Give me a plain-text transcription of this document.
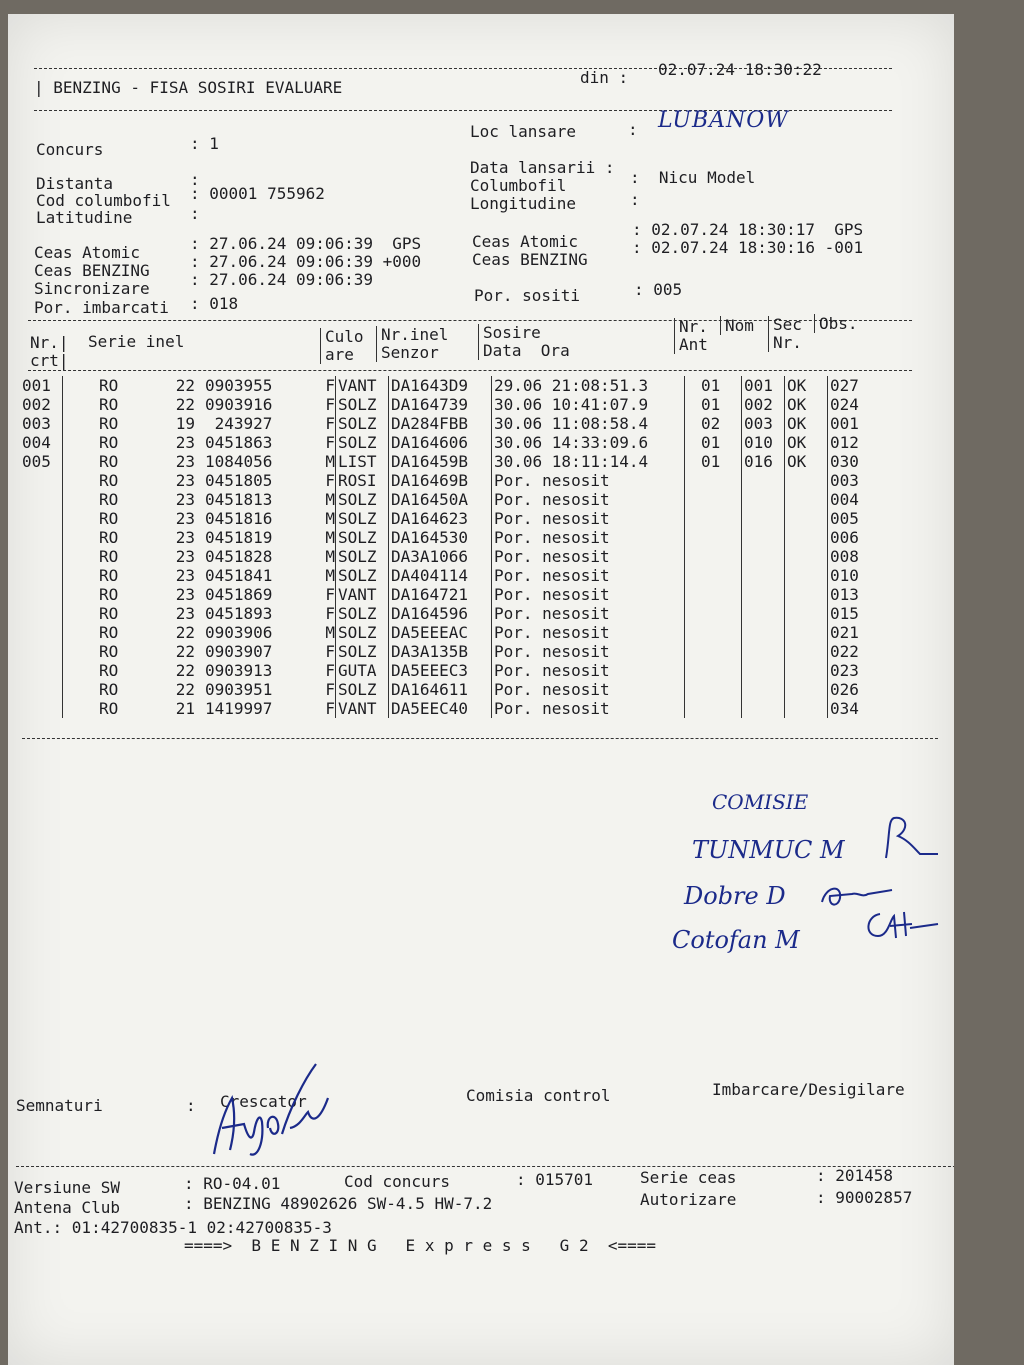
| BENZING - FISA SOSIRI EVALUARE
din : 02.07.24 18:30:22
Concurs	: 1
Distanta	:
Cod columbofil : 00001 755962
Latitudine	:
Ceas Atomic	: 27.06.24 09:06:39  GPS
Ceas BENZING	: 27.06.24 09:06:39 +000
Sincronizare	: 27.06.24 09:06:39
Por. imbarcati : 018
Loc lansare	: LUBANOW
Data lansarii :
Columbofil	:  Nicu Model
Longitudine	:
Ceas Atomic
: 02.07.24 18:30:17  GPS
Ceas BENZING
: 02.07.24 18:30:16 -001
Por. sositi	: 005
Nr.|
crt|
Serie inel	Culo
are
Nr.inel
Senzor
Sosire
Data  Ora
Nr.
Ant
Nom	Sec
Nr.
Obs.
001	RO	22	0903955	F	VANT	DA1643D9	29.06 21:08:51.3	01	001	OK	027
002	RO	22	0903916	F	SOLZ	DA164739	30.06 10:41:07.9	01	002	OK	024
003	RO	19	243927	F	SOLZ	DA284FBB	30.06 11:08:58.4	02	003	OK	001
004	RO	23	0451863	F	SOLZ	DA164606	30.06 14:33:09.6	01	010	OK	012
005	RO	23	1084056	M	LIST	DA16459B	30.06 18:11:14.4	01	016	OK	030
	RO	23	0451805	F	ROSI	DA16469B	Por. nesosit				003
	RO	23	0451813	M	SOLZ	DA16450A	Por. nesosit				004
	RO	23	0451816	M	SOLZ	DA164623	Por. nesosit				005
	RO	23	0451819	M	SOLZ	DA164530	Por. nesosit				006
	RO	23	0451828	M	SOLZ	DA3A1066	Por. nesosit				008
	RO	23	0451841	M	SOLZ	DA404114	Por. nesosit				010
	RO	23	0451869	F	VANT	DA164721	Por. nesosit				013
	RO	23	0451893	F	SOLZ	DA164596	Por. nesosit				015
	RO	22	0903906	M	SOLZ	DA5EEEAC	Por. nesosit				021
	RO	22	0903907	F	SOLZ	DA3A135B	Por. nesosit				022
	RO	22	0903913	F	GUTA	DA5EEEC3	Por. nesosit				023
	RO	22	0903951	F	SOLZ	DA164611	Por. nesosit				026
	RO	21	1419997	F	VANT	DA5EEC40	Por. nesosit				034
COMISIE
TUNMUC M
Dobre D
Cotofan M
Semnaturi	: Crescator	Comisia control	Imbarcare/Desigilare
Versiune SW	: RO-04.01	Cod concurs	: 015701	Serie ceas	: 201458
Antena Club	: BENZING 48902626 SW-4.5 HW-7.2	Autorizare	: 90002857
Ant.: 01:42700835-1 02:42700835-3
====>  B E N Z I N G   E x p r e s s   G 2  <====
